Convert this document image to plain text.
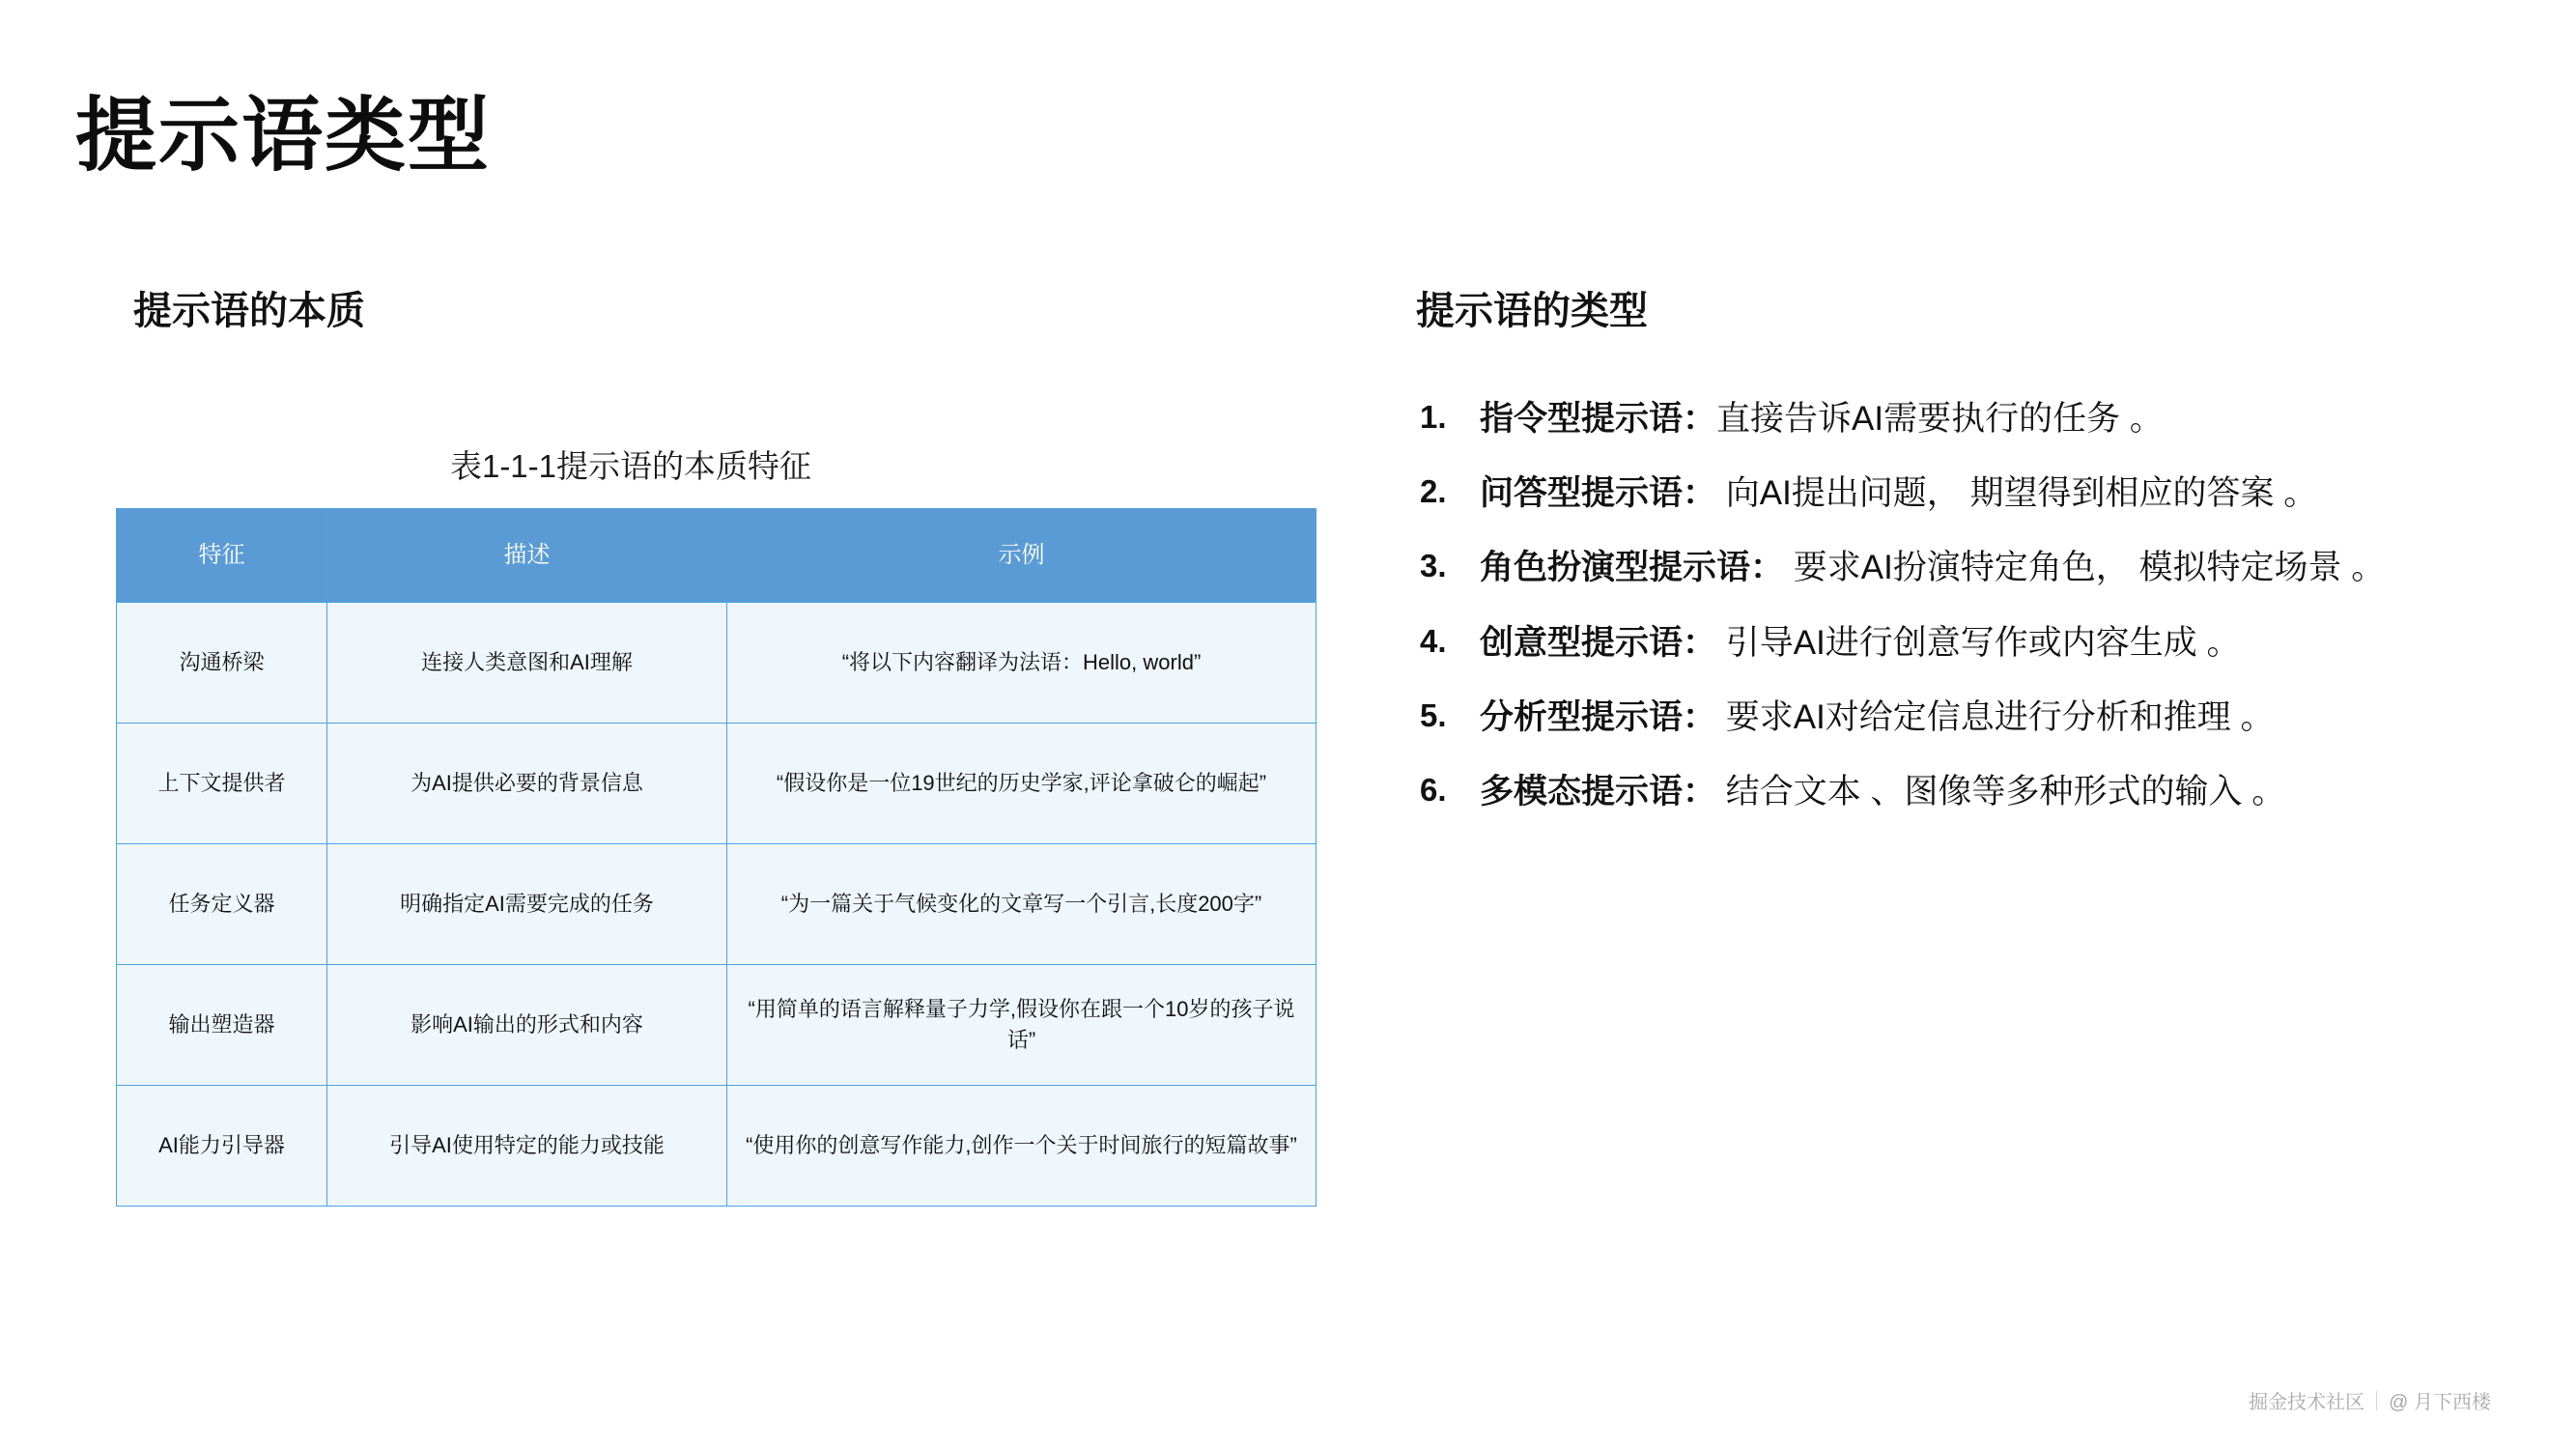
提示语类型
提示语的本质
表1-1-1提示语的本质特征
特征	描述	示例
沟通桥梁	连接人类意图和AI理解	“将以下内容翻译为法语：Hello, world”
上下文提供者	为AI提供必要的背景信息	“假设你是一位19世纪的历史学家,评论拿破仑的崛起”
任务定义器	明确指定AI需要完成的任务	“为一篇关于气候变化的文章写一个引言,长度200字”
输出塑造器	影响AI输出的形式和内容	“用简单的语言解释量子力学,假设你在跟一个10岁的孩子说话”
AI能力引导器	引导AI使用特定的能力或技能	“使用你的创意写作能力,创作一个关于时间旅行的短篇故事”
提示语的类型
指令型提示语：直接告诉AI需要执行的任务 。
问答型提示语： 向AI提出问题， 期望得到相应的答案 。
角色扮演型提示语： 要求AI扮演特定角色， 模拟特定场景 。
创意型提示语： 引导AI进行创意写作或内容生成 。
分析型提示语： 要求AI对给定信息进行分析和推理 。
多模态提示语： 结合文本 、图像等多种形式的输入 。
掘金技术社区 @ 月下西楼
